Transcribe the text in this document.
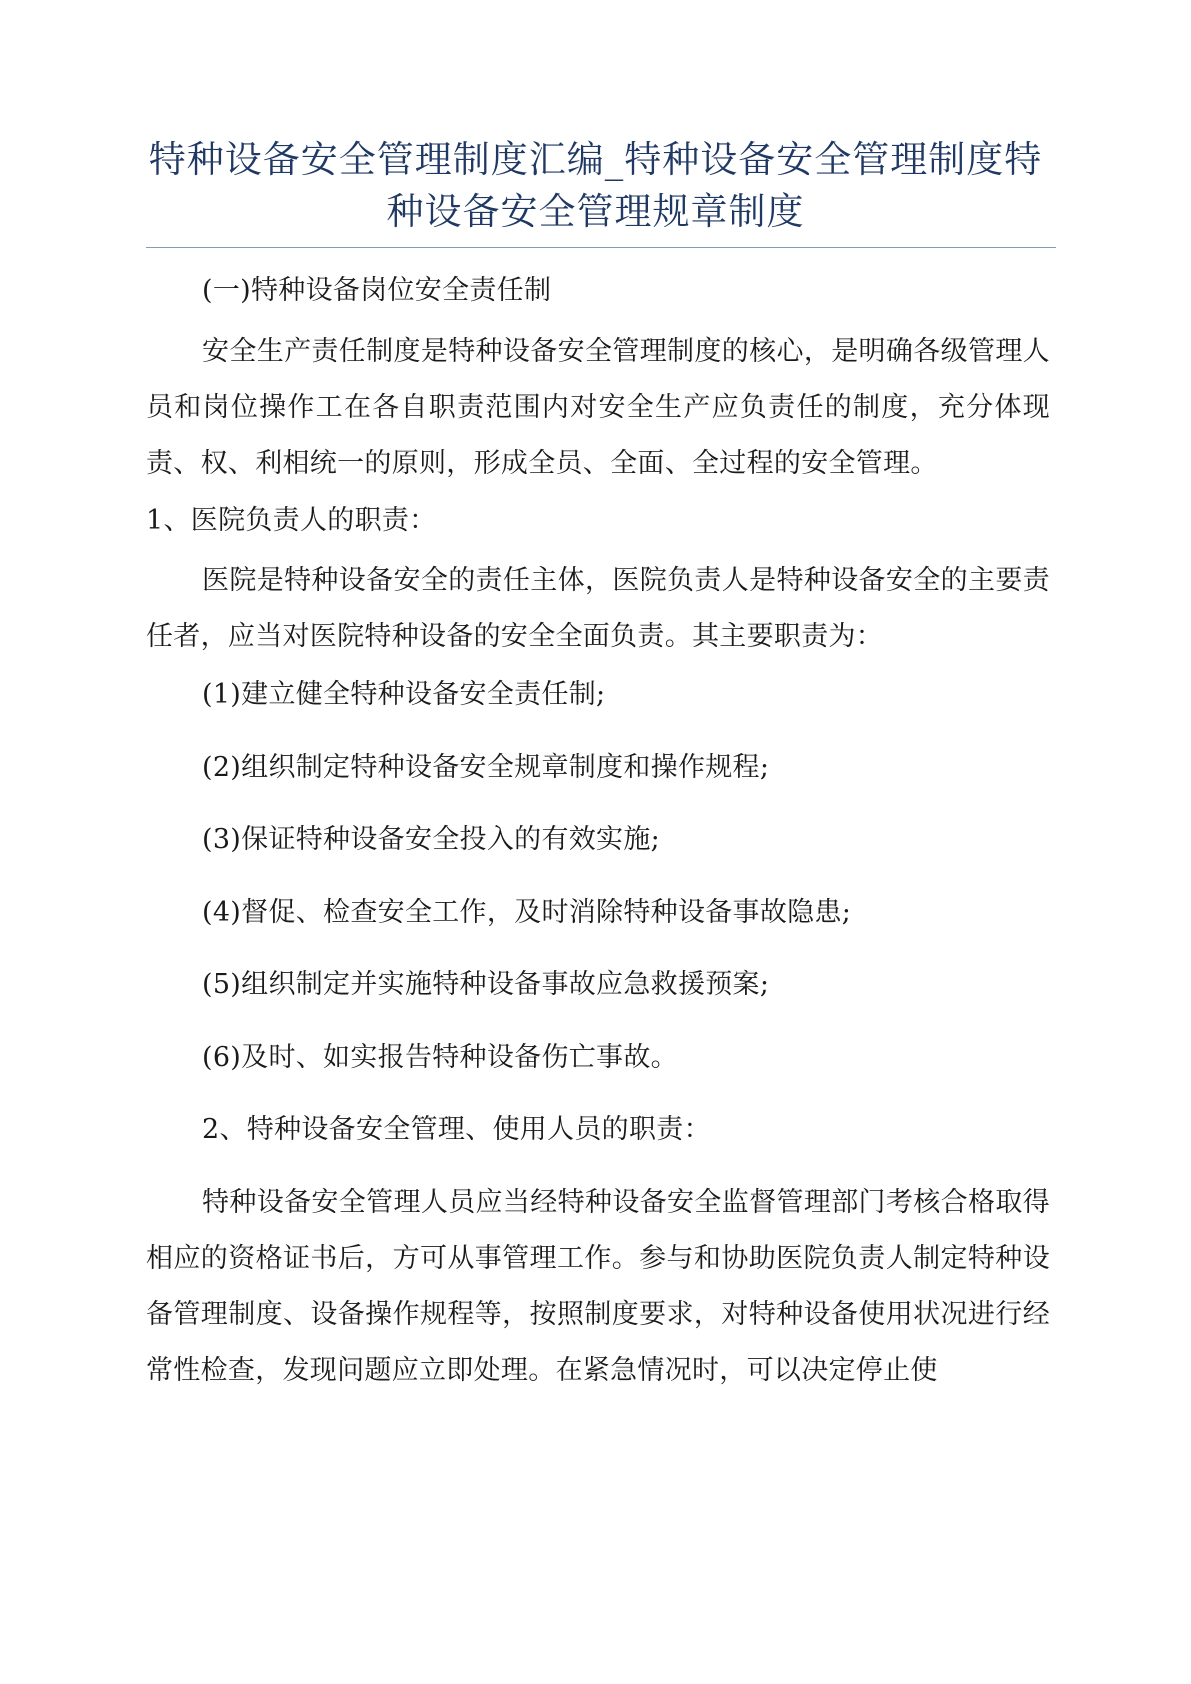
特种设备安全管理制度汇编_特种设备安全管理制度特种设备安全管理规章制度

(一)特种设备岗位安全责任制

安全生产责任制度是特种设备安全管理制度的核心，是明确各级管理人员和岗位操作工在各自职责范围内对安全生产应负责任的制度，充分体现责、权、利相统一的原则，形成全员、全面、全过程的安全管理。

1、医院负责人的职责：

医院是特种设备安全的责任主体，医院负责人是特种设备安全的主要责任者，应当对医院特种设备的安全全面负责。其主要职责为：

(1)建立健全特种设备安全责任制;

(2)组织制定特种设备安全规章制度和操作规程;

(3)保证特种设备安全投入的有效实施;

(4)督促、检查安全工作，及时消除特种设备事故隐患;

(5)组织制定并实施特种设备事故应急救援预案;

(6)及时、如实报告特种设备伤亡事故。

2、特种设备安全管理、使用人员的职责：

特种设备安全管理人员应当经特种设备安全监督管理部门考核合格取得相应的资格证书后，方可从事管理工作。参与和协助医院负责人制定特种设备管理制度、设备操作规程等，按照制度要求，对特种设备使用状况进行经常性检查，发现问题应立即处理。在紧急情况时，可以决定停止使
